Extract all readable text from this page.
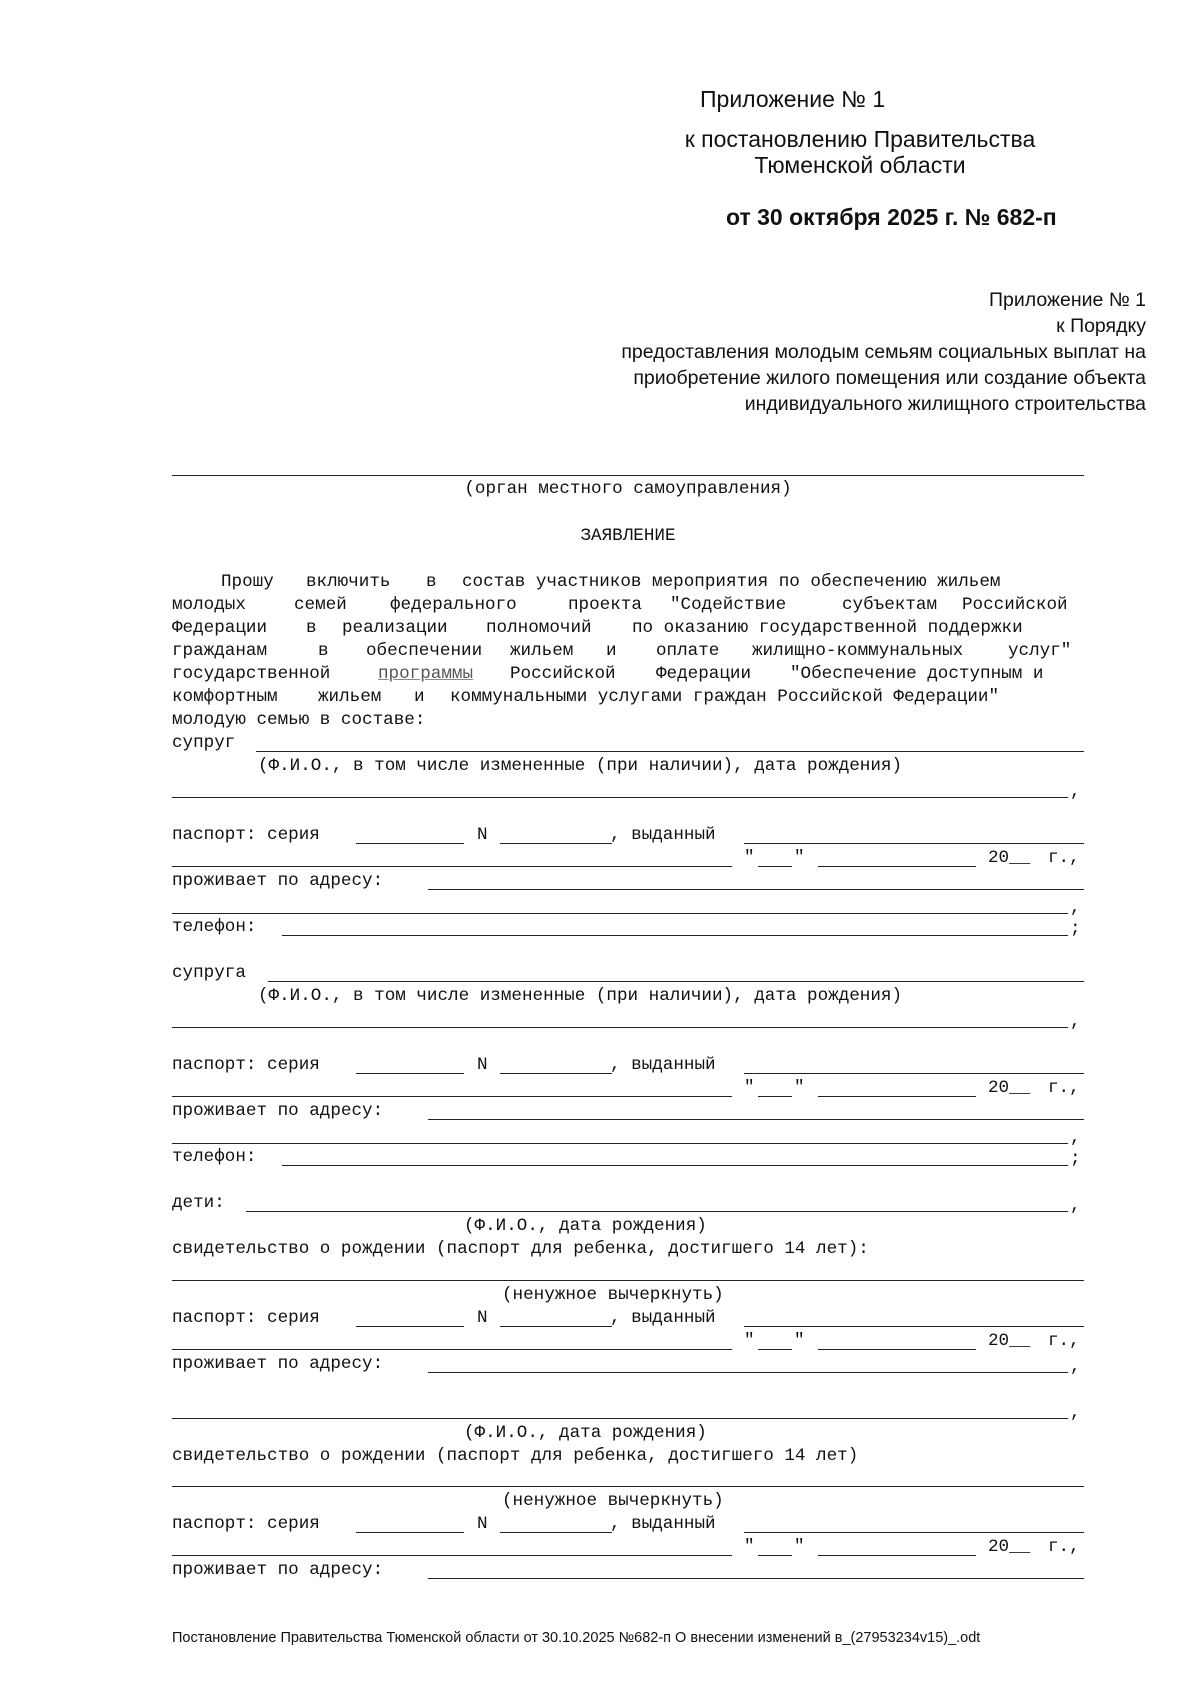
Приложение № 1
к постановлению Правительства
Тюменской области
от 30 октября 2025 г. № 682-п
Приложение № 1
к Порядку
предоставления молодым семьям социальных выплат на
приобретение жилого помещения или создание объекта
индивидуального жилищного строительства
(орган местного самоуправления)
ЗАЯВЛЕНИЕ
Прошу включить в состав участников мероприятия по обеспечению жильем
молодых	семей федерального	проекта "Содействие	субъектам Российской
Федерации в реализации полномочий по оказанию государственной поддержки
гражданам	в обеспечении жильем и оплате жилищно-коммунальных	услуг"
государственной	программы Российской Федерации "Обеспечение доступным и
комфортным жильем и коммунальными услугами граждан Российской Федерации"
молодую семью в составе:
супруг
(Ф.И.О., в том числе измененные (при наличии), дата рождения)
,
паспорт: серия	N	, выданный
" "	20__ г.,
проживает по адресу:
,
телефон:	;
супруга
(Ф.И.О., в том числе измененные (при наличии), дата рождения)
,
паспорт: серия	N	, выданный
" "	20__ г.,
проживает по адресу:
,
телефон:	;
дети:	,
(Ф.И.О., дата рождения)
свидетельство о рождении (паспорт для ребенка, достигшего 14 лет):
(ненужное вычеркнуть)
паспорт: серия	N	, выданный
" "	20__ г.,
проживает по адресу:	,
,
(Ф.И.О., дата рождения)
свидетельство о рождении (паспорт для ребенка, достигшего 14 лет)
(ненужное вычеркнуть)
паспорт: серия	N	, выданный
" "	20__ г.,
проживает по адресу:
Постановление Правительства Тюменской области от 30.10.2025 №682-п О внесении изменений в_(27953234v15)_.odt
